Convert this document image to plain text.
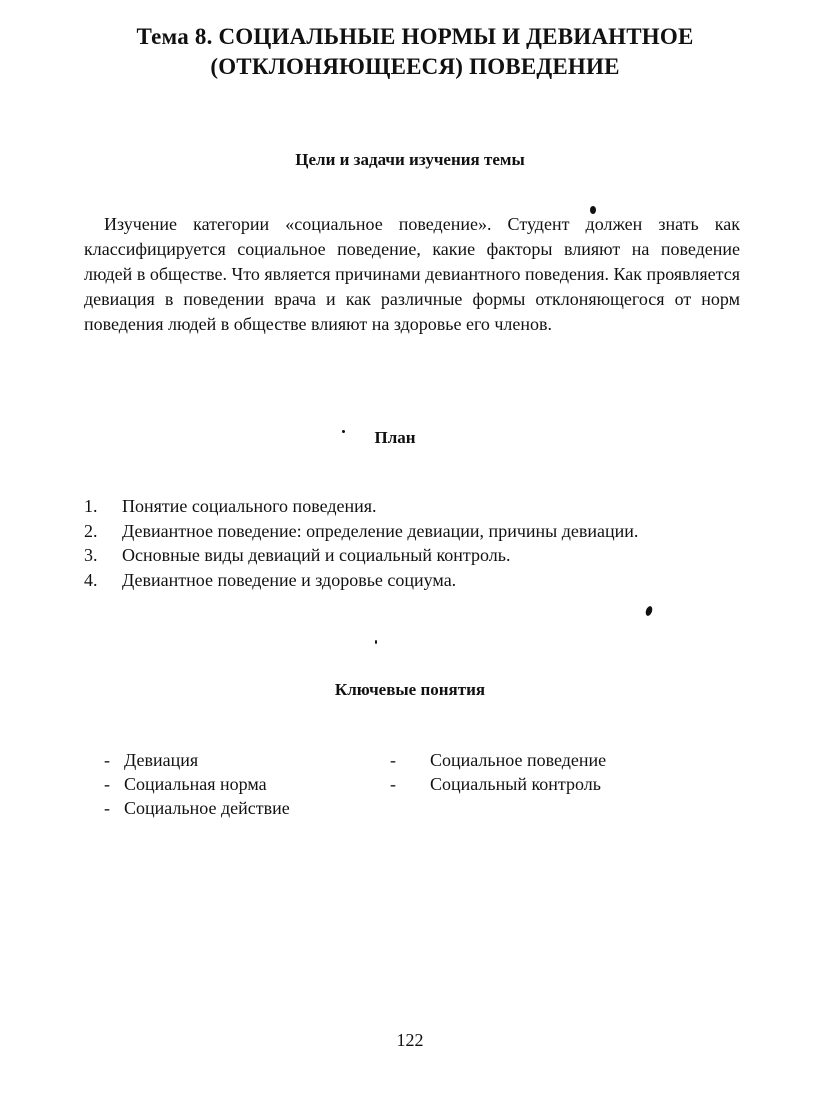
Тема 8. СОЦИАЛЬНЫЕ НОРМЫ И ДЕВИАНТНОЕ
(ОТКЛОНЯЮЩЕЕСЯ) ПОВЕДЕНИЕ
Цели и задачи изучения темы

Изучение категории «социальное поведение». Студент должен знать как классифицируется социальное поведение, какие факторы влияют на поведение людей в обществе. Что является причинами девиантного поведения. Как проявляется девиация в поведении врача и как различные формы отклоняющегося от норм поведения людей в обществе влияют на здоровье его членов.

План
1. Понятие социального поведения.
2. Девиантное поведение: определение девиации, причины девиации.
3. Основные виды девиаций и социальный контроль.
4. Девиантное поведение и здоровье социума.
Ключевые понятия
- Девиация
- Социальная норма
- Социальное действие
- Социальное поведение
- Социальный контроль

122
